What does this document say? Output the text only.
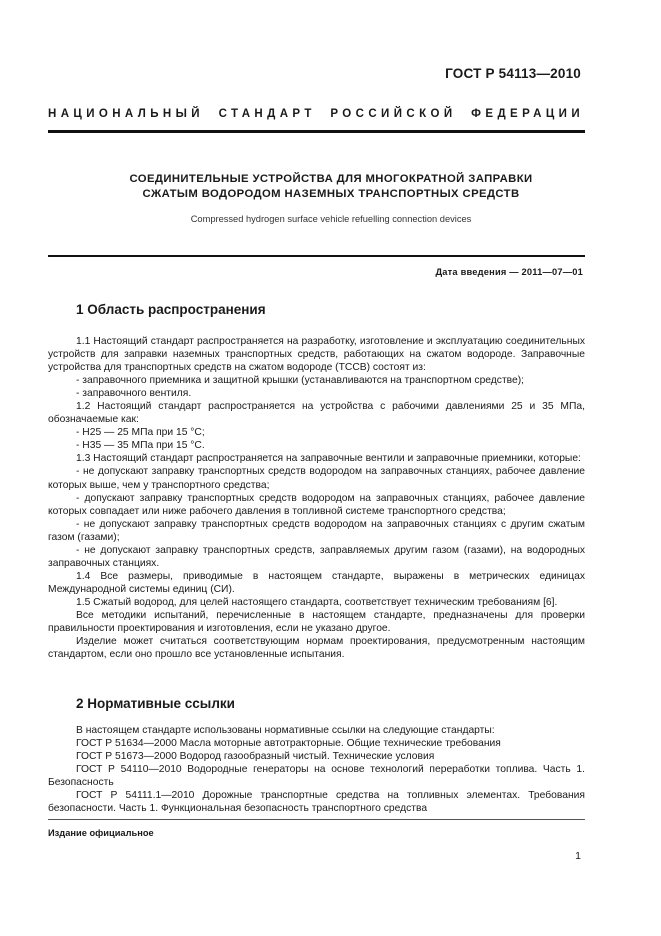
ГОСТ Р 54113—2010
НАЦИОНАЛЬНЫЙ СТАНДАРТ РОССИЙСКОЙ ФЕДЕРАЦИИ
СОЕДИНИТЕЛЬНЫЕ УСТРОЙСТВА ДЛЯ МНОГОКРАТНОЙ ЗАПРАВКИ
СЖАТЫМ ВОДОРОДОМ НАЗЕМНЫХ ТРАНСПОРТНЫХ СРЕДСТВ
Compressed hydrogen surface vehicle refuelling connection devices
Дата введения — 2011—07—01
1 Область распространения

1.1 Настоящий стандарт распространяется на разработку, изготовление и эксплуатацию соединительных устройств для заправки наземных транспортных средств, работающих на сжатом водороде. Заправочные устройства для транспортных средств на сжатом водороде (ТССВ) состоят из:

- заправочного приемника и защитной крышки (устанавливаются на транспортном средстве);

- заправочного вентиля.

1.2 Настоящий стандарт распространяется на устройства с рабочими давлениями 25 и 35 МПа, обозначаемые как:

- H25 — 25 МПа при 15 °С;

- H35 — 35 МПа при 15 °С.

1.3 Настоящий стандарт распространяется на заправочные вентили и заправочные приемники, которые:

- не допускают заправку транспортных средств водородом на заправочных станциях, рабочее давление которых выше, чем у транспортного средства;

- допускают заправку транспортных средств водородом на заправочных станциях, рабочее давление которых совпадает или ниже рабочего давления в топливной системе транспортного средства;

- не допускают заправку транспортных средств водородом на заправочных станциях с другим сжатым газом (газами);

- не допускают заправку транспортных средств, заправляемых другим газом (газами), на водородных заправочных станциях.

1.4 Все размеры, приводимые в настоящем стандарте, выражены в метрических единицах Международной системы единиц (СИ).

1.5 Сжатый водород, для целей настоящего стандарта, соответствует техническим требованиям [6].

Все методики испытаний, перечисленные в настоящем стандарте, предназначены для проверки правильности проектирования и изготовления, если не указано другое.

Изделие может считаться соответствующим нормам проектирования, предусмотренным настоящим стандартом, если оно прошло все установленные испытания.

2 Нормативные ссылки

В настоящем стандарте использованы нормативные ссылки на следующие стандарты:

ГОСТ Р 51634—2000 Масла моторные автотракторные. Общие технические требования

ГОСТ Р 51673—2000 Водород газообразный чистый. Технические условия

ГОСТ Р 54110—2010 Водородные генераторы на основе технологий переработки топлива. Часть 1. Безопасность

ГОСТ Р 54111.1—2010 Дорожные транспортные средства на топливных элементах. Требования безопасности. Часть 1. Функциональная безопасность транспортного средства

Издание официальное
1
